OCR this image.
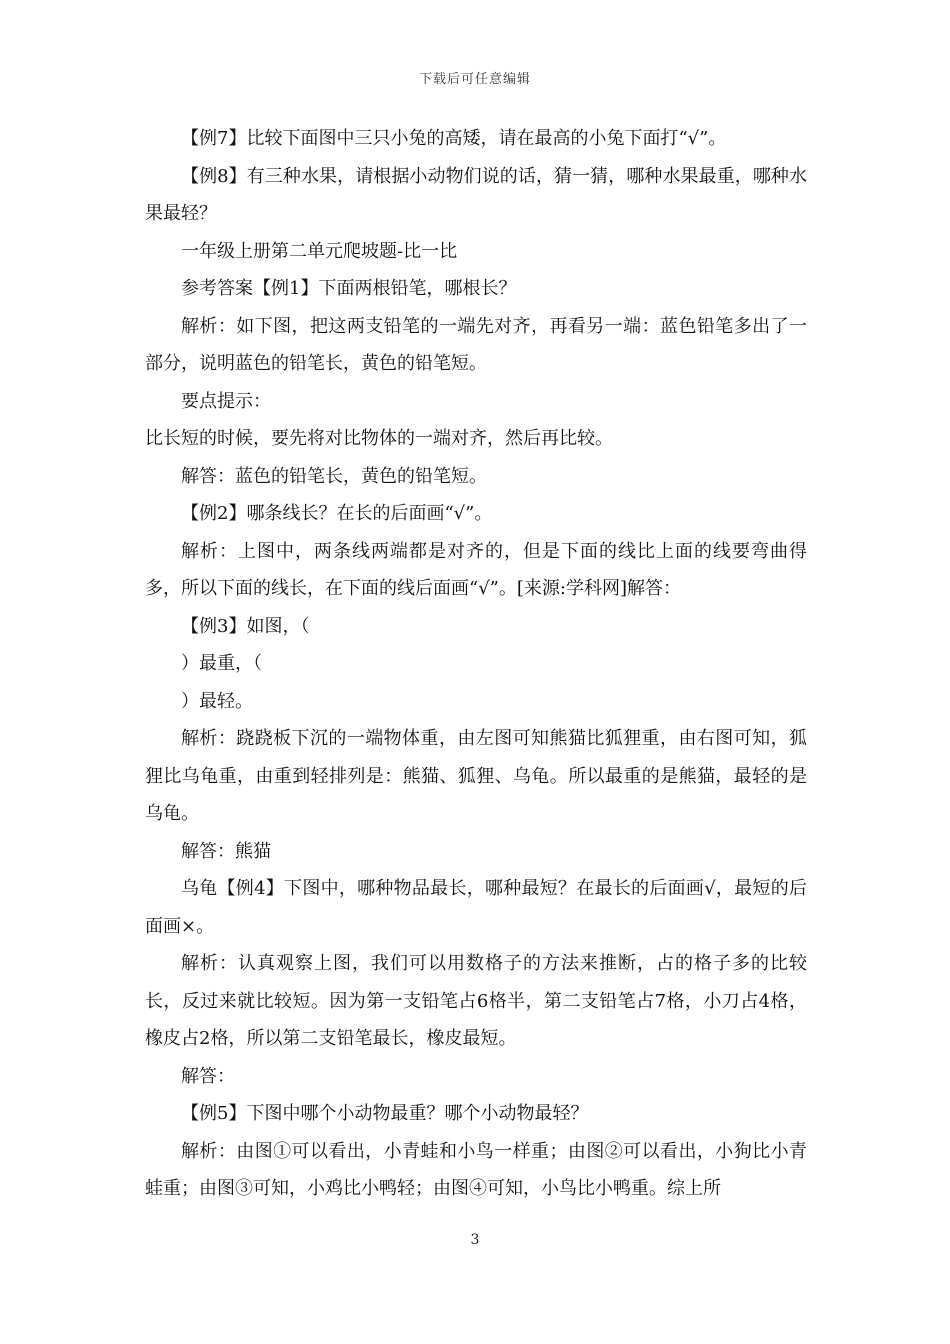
下载后可任意编辑

【例7】比较下面图中三只小兔的高矮，请在最高的小兔下面打“√”。

【例8】有三种水果，请根据小动物们说的话，猜一猜，哪种水果最重，哪种水果最轻？

一年级上册第二单元爬坡题-比一比

参考答案【例1】下面两根铅笔，哪根长？

解析：如下图，把这两支铅笔的一端先对齐，再看另一端：蓝色铅笔多出了一部分，说明蓝色的铅笔长，黄色的铅笔短。

要点提示：

比长短的时候，要先将对比物体的一端对齐，然后再比较。

解答：蓝色的铅笔长，黄色的铅笔短。

【例2】哪条线长？在长的后面画“√”。

解析：上图中，两条线两端都是对齐的，但是下面的线比上面的线要弯曲得多，所以下面的线长，在下面的线后面画“√”。[来源:学科网]解答：

【例3】如图，（

）最重，（

）最轻。

解析：跷跷板下沉的一端物体重，由左图可知熊猫比狐狸重，由右图可知，狐狸比乌龟重，由重到轻排列是：熊猫、狐狸、乌龟。所以最重的是熊猫，最轻的是乌龟。

解答：熊猫

乌龟【例4】下图中，哪种物品最长，哪种最短？在最长的后面画√，最短的后面画×。

解析：认真观察上图，我们可以用数格子的方法来推断，占的格子多的比较长，反过来就比较短。因为第一支铅笔占6格半，第二支铅笔占7格，小刀占4格，橡皮占2格，所以第二支铅笔最长，橡皮最短。

解答：

【例5】下图中哪个小动物最重？哪个小动物最轻？

解析：由图①可以看出，小青蛙和小鸟一样重；由图②可以看出，小狗比小青蛙重；由图③可知，小鸡比小鸭轻；由图④可知，小鸟比小鸭重。综上所

3
